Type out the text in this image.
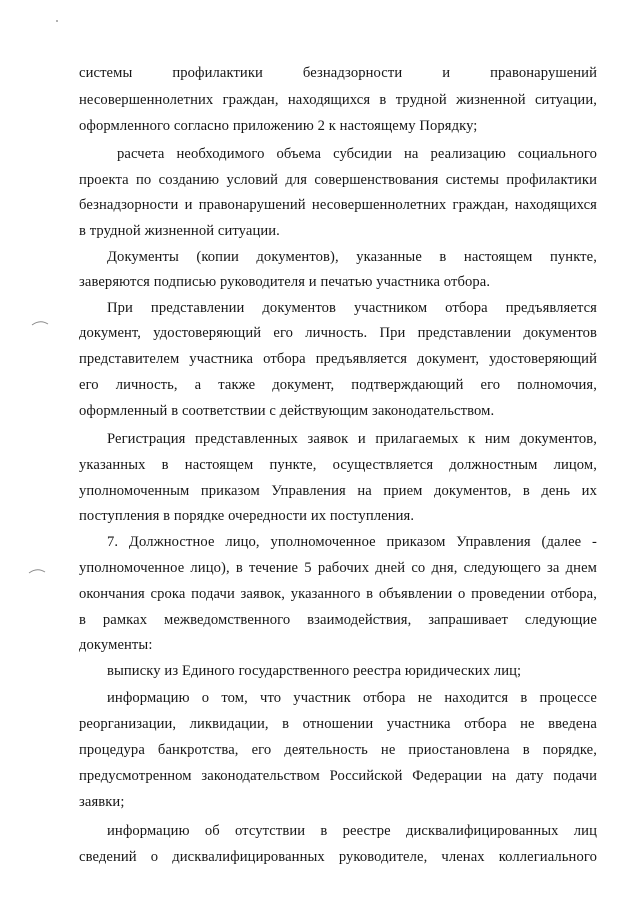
системы профилактики безнадзорности и правонарушений
несовершеннолетних граждан, находящихся в трудной жизненной ситуации,
оформленного согласно приложению 2 к настоящему Порядку;
расчета необходимого объема субсидии на реализацию социального
проекта по созданию условий для совершенствования системы профилактики
безнадзорности и правонарушений несовершеннолетних граждан, находящихся
в трудной жизненной ситуации.
Документы (копии документов), указанные в настоящем пункте,
заверяются подписью руководителя и печатью участника отбора.
При представлении документов участником отбора предъявляется
документ, удостоверяющий его личность. При представлении документов
представителем участника отбора предъявляется документ, удостоверяющий
его личность, а также документ, подтверждающий его полномочия,
оформленный в соответствии с действующим законодательством.
Регистрация представленных заявок и прилагаемых к ним документов,
указанных в настоящем пункте, осуществляется должностным лицом,
уполномоченным приказом Управления на прием документов, в день их
поступления в порядке очередности их поступления.
7. Должностное лицо, уполномоченное приказом Управления (далее -
уполномоченное лицо), в течение 5 рабочих дней со дня, следующего за днем
окончания срока подачи заявок, указанного в объявлении о проведении отбора,
в рамках межведомственного взаимодействия, запрашивает следующие
документы:
выписку из Единого государственного реестра юридических лиц;
информацию о том, что участник отбора не находится в процессе
реорганизации, ликвидации, в отношении участника отбора не введена
процедура банкротства, его деятельность не приостановлена в порядке,
предусмотренном законодательством Российской Федерации на дату подачи
заявки;
информацию об отсутствии в реестре дисквалифицированных лиц
сведений о дисквалифицированных руководителе, членах коллегиального
